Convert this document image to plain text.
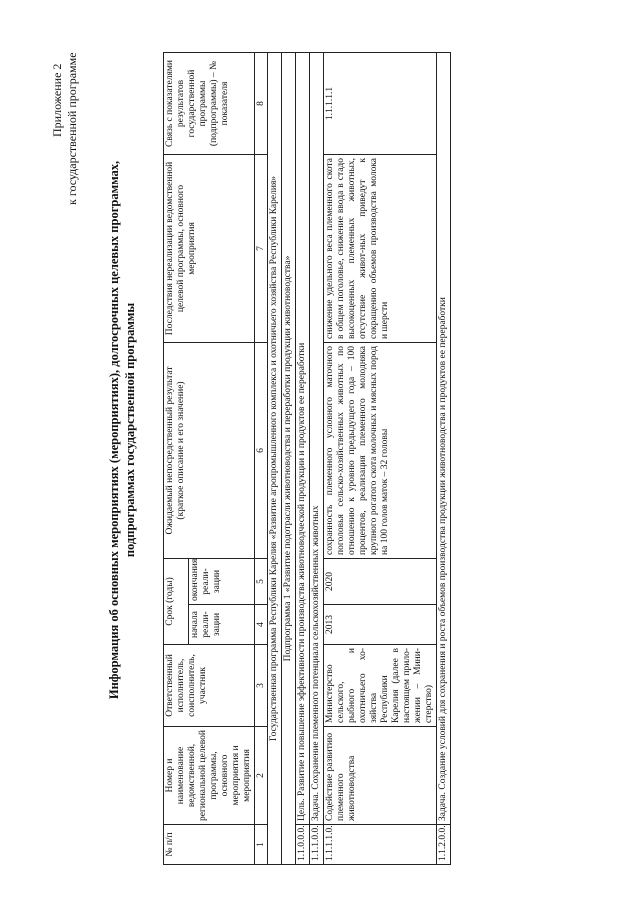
Приложение 2 к государственной программе
Информация об основных мероприятиях (мероприятиях), долгосрочных целевых программах, подпрограммах государственной программы
№ п/п	Номер и наименование ведомственной, региональной целевой программы, основного мероприятия и мероприятия	Ответственный исполнитель, соисполнитель, участник	Срок (годы)		Ожидаемый непосредственный результат (краткое описание и его значение)	Последствия нереализации ведомственной целевой программы, основного мероприятия	Связь с показателями результатов государственной программы (подпрограммы) – № показателя
			начала реали-зации	окончания реали-зации			
1	2	3	4	5	6	7	8
Государственная программа Республики Карелия «Развитие агропромышленного комплекса и охотничьего хозяйства Республики Карелия»							
Подпрограмма 1 «Развитие подотрасли животноводства и переработки продукции животноводства»							
1.1.0.0.0.	Цель. Развитие и повышение эффективности производства животноводческой продукции и продуктов ее переработки						
1.1.1.0.0.	Задача. Сохранение племенного потенциала сельскохозяйственных животных						
1.1.1.1.0.	Содействие развитию племенного животноводства	Министерство сельского, рыбного и охотничьего хо-зяйства Республики Карелия (далее в настоящем прило-жении – Мини-стерство)	2013	2020	сохранность племенного условного маточного поголовья сельско-хозяйственных животных по отношению к уровню предыдущего года – 100 процентов, реализация племенного молодняка крупного рогатого скота молочных и мясных пород на 100 голов маток – 32 головы	снижение удельного веса племенного скота в общем поголовье, снижение ввода в стадо высокоценных племенных животных, отсутствие живот-ных приведут к сокращению объемов производства молока и шерсти	1.1.1.1.1
1.1.2.0.0.	Задача. Создание условий для сохранения и роста объемов производства продукции животноводства и продуктов ее переработки						
